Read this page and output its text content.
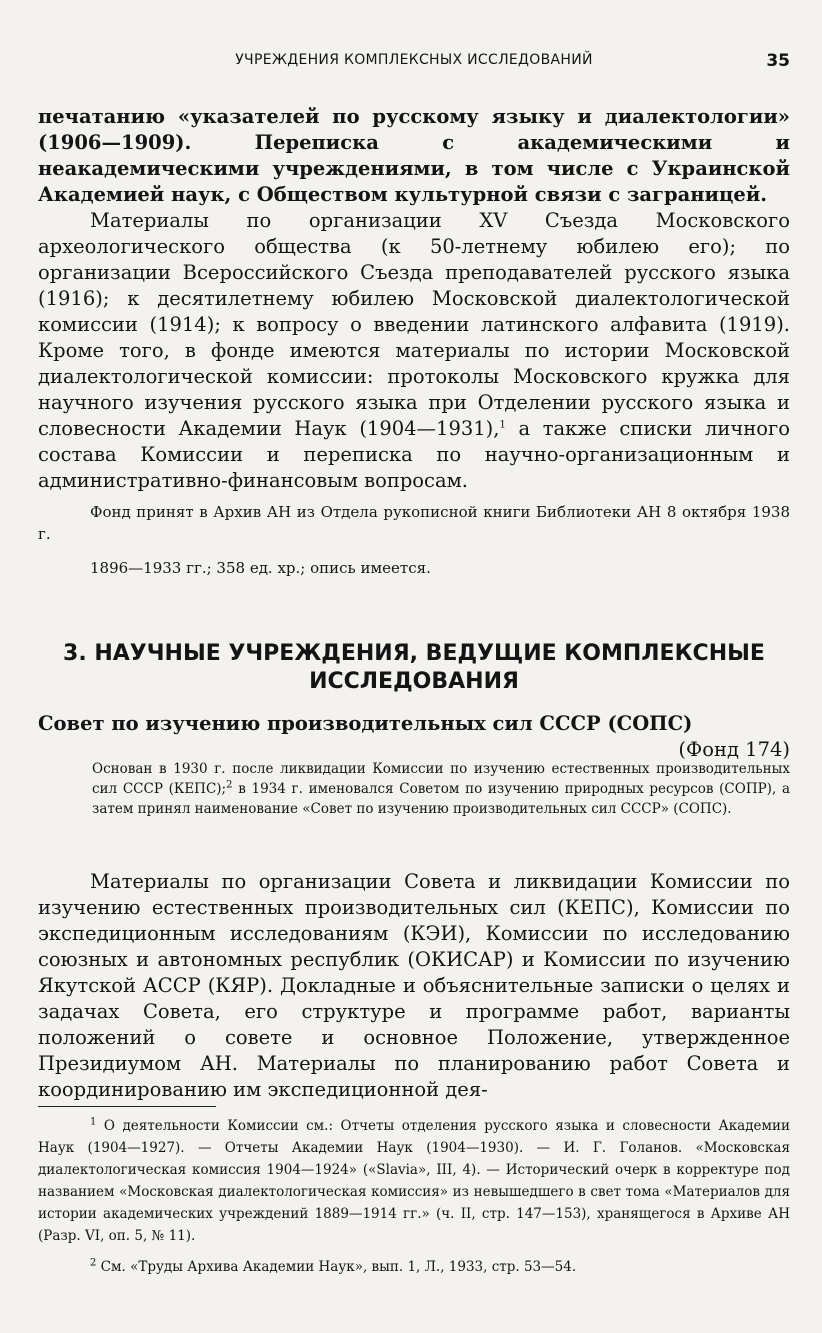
УЧРЕЖДЕНИЯ КОМПЛЕКСНЫХ ИССЛЕДОВАНИЙ	35

печатанию «указателей по русскому языку и диалектологии» (1906—1909). Переписка с академическими и неакадемическими учреждениями, в том числе с Украинской Академией наук, с Обществом культурной связи с заграницей.

Материалы по организации XV Съезда Московского археологического общества (к 50-летнему юбилею его); по организации Всероссийского Съезда преподавателей русского языка (1916); к десятилетнему юбилею Московской диалектологической комиссии (1914); к вопросу о введении латинского алфавита (1919). Кроме того, в фонде имеются материалы по истории Московской диалектологической комиссии: протоколы Московского кружка для научного изучения русского языка при Отделении русского языка и словесности Академии Наук (1904—1931),$^1$ а также списки личного состава Комиссии и переписка по научно-организационным и административно-финансовым вопросам.

Фонд принят в Архив АН из Отдела рукописной книги Библиотеки АН 8 октября 1938 г.

1896—1933 гг.; 358 ед. хр.; опись имеется.

3. НАУЧНЫЕ УЧРЕЖДЕНИЯ, ВЕДУЩИЕ КОМПЛЕКСНЫЕ ИССЛЕДОВАНИЯ
Совет по изучению производительных сил СССР (СОПС)
(Фонд 174)

Основан в 1930 г. после ликвидации Комиссии по изучению естественных производительных сил СССР (КЕПС);$^2$ в 1934 г. именовался Советом по изучению природных ресурсов (СОПР), а затем принял наименование «Совет по изучению производительных сил СССР» (СОПС).

Материалы по организации Совета и ликвидации Комиссии по изучению естественных производительных сил (КЕПС), Комиссии по экспедиционным исследованиям (КЭИ), Комиссии по исследованию союзных и автономных республик (ОКИСАР) и Комиссии по изучению Якутской АССР (КЯР). Докладные и объяснительные записки о целях и задачах Совета, его структуре и программе работ, варианты положений о совете и основное Положение, утвержденное Президиумом АН. Материалы по планированию работ Совета и координированию им экспедиционной дея-

$^1$ О деятельности Комиссии см.: Отчеты отделения русского языка и словесности Академии Наук (1904—1927). — Отчеты Академии Наук (1904—1930). — И. Г. Голанов. «Московская диалектологическая комиссия 1904—1924» («Slavia», III, 4). — Исторический очерк в корректуре под названием «Московская диалектологическая комиссия» из невышедшего в свет тома «Материалов для истории академических учреждений 1889—1914 гг.» (ч. II, стр. 147—153), хранящегося в Архиве АН (Разр. VI, оп. 5, № 11).

$^2$ См. «Труды Архива Академии Наук», вып. 1, Л., 1933, стр. 53—54.
